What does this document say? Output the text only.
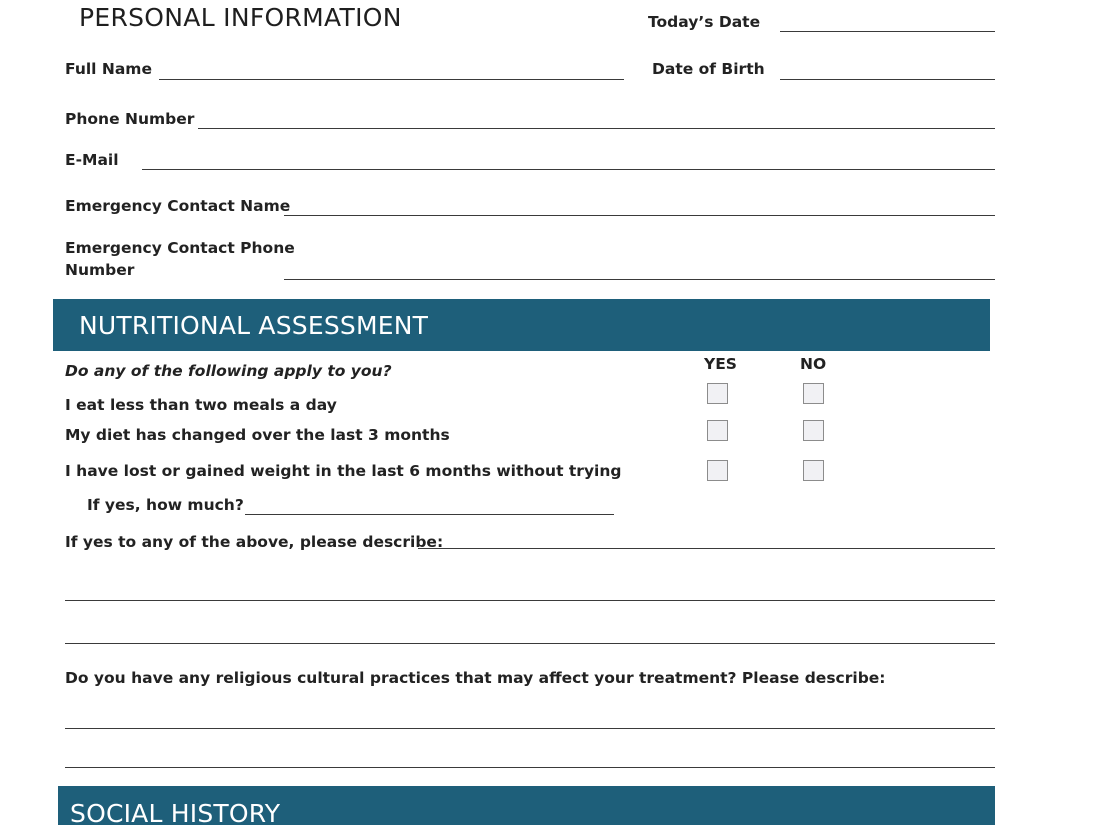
PERSONAL INFORMATION	Today’s Date
Full Name	Date of Birth
Phone Number
E-Mail
Emergency Contact Name
Emergency Contact Phone
Number
NUTRITIONAL ASSESSMENT
Do any of the following apply to you?	YES	NO
I eat less than two meals a day
My diet has changed over the last 3 months
I have lost or gained weight in the last 6 months without trying
If yes, how much?
If yes to any of the above, please describe:
Do you have any religious cultural practices that may affect your treatment? Please describe:
SOCIAL HISTORY
